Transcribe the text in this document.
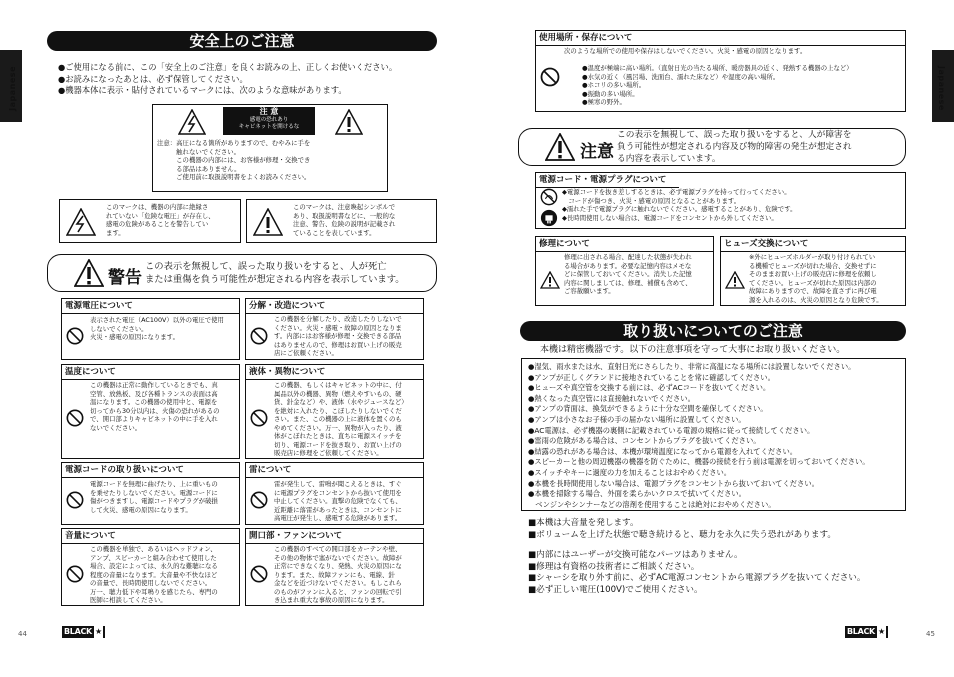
Japanese	Japanese
安全上のご注意
●ご使用になる前に、この「安全上のご注意」を良くお読みの上、正しくお使いください。
●お読みになったあとは、必ず保管してください。
●機器本体に表示・貼付されているマークには、次のような意味があります。
注 意
感電の恐れあり
キャビネットを開けるな
注意：高圧になる箇所がありますので、むやみに手を
　　　触れないでください。
　　　この機器の内部には、お客様が修理・交換でき
　　　る部品はありません。
　　　ご使用前に取扱説明書をよくお読みください。
このマークは、機器の内部に絶縁さ
れていない「危険な電圧」が存在し、
感電の危険があることを警告してい
ます。
このマークは、注意喚起シンボルで
あり、取扱説明書などに、一般的な
注意、警告、危険の説明が記載され
ていることを表しています。
警告
この表示を無視して、誤った取り扱いをすると、人が死亡
または重傷を負う可能性が想定される内容を表示しています。
電源電圧について
表示された電圧（AC100V）以外の電圧で使用
しないでください。
火災・感電の原因になります。
分解・改造について
この機器を分解したり、改造したりしないで
ください。火災・感電・故障の原因となりま
す。内部にはお客様が修理・交換できる部品
はありませんので、修理はお買い上げの販売
店にご依頼ください。
温度について
この機器は正常に動作しているときでも、真
空管、放熱板、及び各種トランスの表面は高
温になります。この機器の使用中と、電源を
切ってから30分以内は、火傷の恐れがあるの
で、開口部よりキャビネットの中に手を入れ
ないでください。
液体・異物について
この機器、もしくはキャビネットの中に、付
属品以外の機器、異物（燃えやすいもの、硬
貨、針金など）や、液体（水やジュースなど）
を絶対に入れたり、こぼしたりしないでくだ
さい。また、この機器の上に液体を置くのも
やめてください。万一、異物が入ったり、液
体がこぼれたときは、直ちに電源スイッチを
切り、電源コードを抜き取り、お買い上げの
販売店に修理をご依頼してください。
電源コードの取り扱いについて
電源コードを無理に曲げたり、上に重いもの
を乗せたりしないでください。電源コードに
傷がつきますし、電源コードやプラグが破損
して火災、感電の原因になります。
雷について
雷が発生して、雷鳴が聞こえるときは、すぐ
に電源プラグをコンセントから抜いて使用を
中止してください。直撃の危険でなくても、
近距離に落雷があったときは、コンセントに
高電圧が発生し、感電する危険があります。
音量について
この機器を単独で、あるいはヘッドフォン、
アンプ、スピーカーと組み合わせて使用した
場合、設定によっては、永久的な難聴になる
程度の音量になります。大音量や不快なほど
の音量で、長時間使用しないでください。
万一、聴力低下や耳鳴りを感じたら、専門の
医師に相談してください。
開口部・ファンについて
この機器のすべての開口部をカーテンや壁、
その他の物体で塞がないでください。故障が
正常にできなくなり、発熱、火災の原因にな
ります。また、故障ファンにも、電線、針
金などを近づけないでください。もしこれら
のものがファンに入ると、ファンの回転で引
き込まれ重大な事故の原因になります。
44	BLACK ★
使用場所・保存について
次のような場所での使用や保存はしないでください。火災・感電の原因となります。
●温度が極端に高い場所。（直射日光の当たる場所、暖房器具の近く、発熱する機器の上など）
●水気の近く（風呂場、洗面台、濡れた床など）や湿度の高い場所。
●ホコリの多い場所。
●振動の多い場所。
●極寒の野外。
注意
この表示を無視して、誤った取り扱いをすると、人が障害を
負う可能性が想定される内容及び物的障害の発生が想定され
る内容を表示しています。
電源コード・電源プラグについて
◆電源コードを抜き差しするときは、必ず電源プラグを持って行ってください。
　コードが傷つき、火災・感電の原因となることがあります。
◆濡れた手で電源プラグに触れないでください。感電することがあり、危険です。
◆長時間使用しない場合は、電源コードをコンセントから外してください。
修理について
修理に出される場合、配達した状態が失われ
る場合があります。必要な記憶内容はメモな
どに保管しておいてください。消失した記憶
内容に関しましては、修理、補償も含めて、
ご容赦願います。
ヒューズ交換について
※外にヒューズホルダーが取り付けられてい
る機種でヒューズが切れた場合、交換せずに
そのままお買い上げの販売店に修理を依頼し
てください。ヒューズが切れた原因は内部の
故障にありますので、故障を直さずに再び電
源を入れるのは、火災の原因となり危険です。
取り扱いについてのご注意
本機は精密機器です。以下の注意事項を守って大事にお取り扱いください。
●湿気、雨水または水、直射日光にさらしたり、非常に高温になる場所には設置しないでください。
●アンプが正しくグランドに接地されていることを常に確認してください。
●ヒューズや真空管を交換する前には、必ずACコードを抜いてください。
●熱くなった真空管には直接触れないでください。
●アンプの背面は、換気ができるように十分な空間を確保してください。
●アンプは小さなお子様の手の届かない場所に設置してください。
●AC電源は、必ず機器の裏側に記載されている電源の規格に従って接続してください。
●雷雨の危険がある場合は、コンセントからプラグを抜いてください。
●結露の恐れがある場合は、本機が環境温度になってから電源を入れてください。
●スピーカーと他の周辺機器の機器を防ぐために、機器の接続を行う前は電源を切っておいてください。
●スイッチやキーに過度の力を加えることはおやめください。
●本機を長時間使用しない場合は、電源プラグをコンセントから抜いておいてください。
●本機を掃除する場合、外面を柔らかいクロスで拭いてください。
　ベンジンやシンナーなどの溶剤を使用することは絶対におやめください。
■本機は大音量を発します。
■ボリュームを上げた状態で聴き続けると、聴力を永久に失う恐れがあります。
■内部にはユーザーが交換可能なパーツはありません。
■修理は有資格の技術者にご相談ください。
■シャーシを取り外す前に、必ずAC電源コンセントから電源プラグを抜いてください。
■必ず正しい電圧(100V)でご使用ください。
BLACK ★	45
